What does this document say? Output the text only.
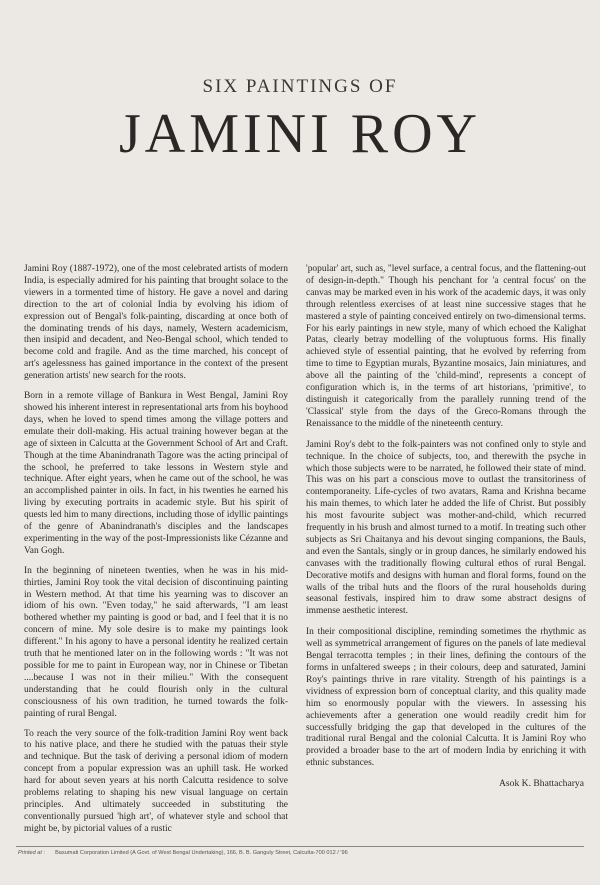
SIX PAINTINGS OF
JAMINI ROY

Jamini Roy (1887-1972), one of the most celebrated artists of modern India, is especially admired for his painting that brought solace to the viewers in a tormented time of history. He gave a novel and daring direction to the art of colonial India by evolving his idiom of expression out of Bengal's folk-painting, discarding at once both of the dominating trends of his days, namely, Western academicism, then insipid and decadent, and Neo-Bengal school, which tended to become cold and fragile. And as the time marched, his concept of art's agelessness has gained importance in the context of the present generation artists' new search for the roots.

Born in a remote village of Bankura in West Bengal, Jamini Roy showed his inherent interest in representational arts from his boyhood days, when he loved to spend times among the village potters and emulate their doll-making. His actual training however began at the age of sixteen in Calcutta at the Government School of Art and Craft. Though at the time Abanindranath Tagore was the acting principal of the school, he preferred to take lessons in Western style and technique. After eight years, when he came out of the school, he was an accomplished painter in oils. In fact, in his twenties he earned his living by executing portraits in academic style. But his spirit of quests led him to many directions, including those of idyllic paintings of the genre of Abanindranath's disciples and the landscapes experimenting in the way of the post-Impressionists like Cézanne and Van Gogh.

In the beginning of nineteen twenties, when he was in his mid-thirties, Jamini Roy took the vital decision of discontinuing painting in Western method. At that time his yearning was to discover an idiom of his own. "Even today," he said afterwards, "I am least bothered whether my painting is good or bad, and I feel that it is no concern of mine. My sole desire is to make my paintings look different." In his agony to have a personal identity he realized certain truth that he mentioned later on in the following words : "It was not possible for me to paint in European way, nor in Chinese or Tibetan ....because I was not in their milieu." With the consequent understanding that he could flourish only in the cultural consciousness of his own tradition, he turned towards the folk-painting of rural Bengal.

To reach the very source of the folk-tradition Jamini Roy went back to his native place, and there he studied with the patuas their style and technique. But the task of deriving a personal idiom of modern concept from a popular expression was an uphill task. He worked hard for about seven years at his north Calcutta residence to solve problems relating to shaping his new visual language on certain principles. And ultimately succeeded in substituting the conventionally pursued 'high art', of whatever style and school that might be, by pictorial values of a rustic

'popular' art, such as, "level surface, a central focus, and the flattening-out of design-in-depth." Though his penchant for 'a central focus' on the canvas may be marked even in his work of the academic days, it was only through relentless exercises of at least nine successive stages that he mastered a style of painting conceived entirely on two-dimensional terms. For his early paintings in new style, many of which echoed the Kalighat Patas, clearly betray modelling of the voluptuous forms. His finally achieved style of essential painting, that he evolved by referring from time to time to Egyptian murals, Byzantine mosaics, Jain miniatures, and above all the painting of the 'child-mind', represents a concept of configuration which is, in the terms of art historians, 'primitive', to distinguish it categorically from the parallely running trend of the 'Classical' style from the days of the Greco-Romans through the Renaissance to the middle of the nineteenth century.

Jamini Roy's debt to the folk-painters was not confined only to style and technique. In the choice of subjects, too, and therewith the psyche in which those subjects were to be narrated, he followed their state of mind. This was on his part a conscious move to outlast the transitoriness of contemporaneity. Life-cycles of two avatars, Rama and Krishna became his main themes, to which later he added the life of Christ. But possibly his most favourite subject was mother-and-child, which recurred frequently in his brush and almost turned to a motif. In treating such other subjects as Sri Chaitanya and his devout singing companions, the Bauls, and even the Santals, singly or in group dances, he similarly endowed his canvases with the traditionally flowing cultural ethos of rural Bengal. Decorative motifs and designs with human and floral forms, found on the walls of the tribal huts and the floors of the rural households during seasonal festivals, inspired him to draw some abstract designs of immense aesthetic interest.

In their compositional discipline, reminding sometimes the rhythmic as well as symmetrical arrangement of figures on the panels of late medieval Bengal terracotta temples ; in their lines, defining the contours of the forms in unfaltered sweeps ; in their colours, deep and saturated, Jamini Roy's paintings thrive in rare vitality. Strength of his paintings is a vividness of expression born of conceptual clarity, and this quality made him so enormously popular with the viewers. In assessing his achievements after a generation one would readily credit him for successfully bridging the gap that developed in the cultures of the traditional rural Bengal and the colonial Calcutta. It is Jamini Roy who provided a broader base to the art of modern India by enriching it with ethnic substances.

Asok K. Bhattacharya
Printed at : Basumati Corporation Limited (A Govt. of West Bengal Undertaking), 166, B. B. Ganguly Street, Calcutta-700 012 / '96
